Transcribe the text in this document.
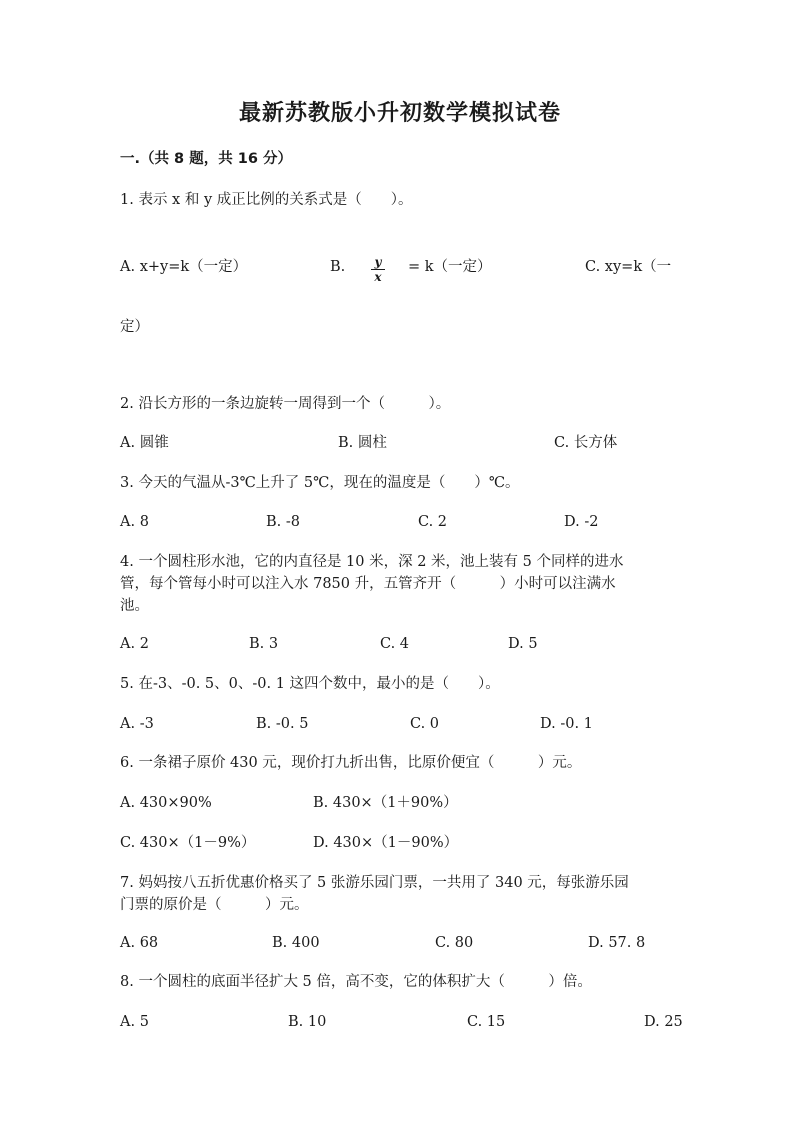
最新苏教版小升初数学模拟试卷
一.（共 8 题，共 16 分）
1. 表示 x 和 y 成正比例的关系式是（　　）。
A. x+y=k（一定）	B. y
x
= k（一定）	C. xy=k（一
定）
2. 沿长方形的一条边旋转一周得到一个（　　　）。
A. 圆锥	B. 圆柱	C. 长方体
3. 今天的气温从-3℃上升了 5℃，现在的温度是（　　）℃。
A. 8	B. -8	C. 2	D. -2
4. 一个圆柱形水池，它的内直径是 10 米，深 2 米，池上装有 5 个同样的进水
管，每个管每小时可以注入水 7850 升，五管齐开（　　　）小时可以注满水
池。
A. 2	B. 3	C. 4	D. 5
5. 在-3、-0. 5、0、-0. 1 这四个数中，最小的是（　　）。
A. -3	B. -0. 5	C. 0	D. -0. 1
6. 一条裙子原价 430 元，现价打九折出售，比原价便宜（　　　）元。
A. 430×90%	B. 430×（1＋90%）
C. 430×（1－9%）	D. 430×（1－90%）
7. 妈妈按八五折优惠价格买了 5 张游乐园门票，一共用了 340 元，每张游乐园
门票的原价是（　　　）元。
A. 68	B. 400	C. 80	D. 57. 8
8. 一个圆柱的底面半径扩大 5 倍，高不变，它的体积扩大（　　　）倍。
A. 5	B. 10	C. 15	D. 25
